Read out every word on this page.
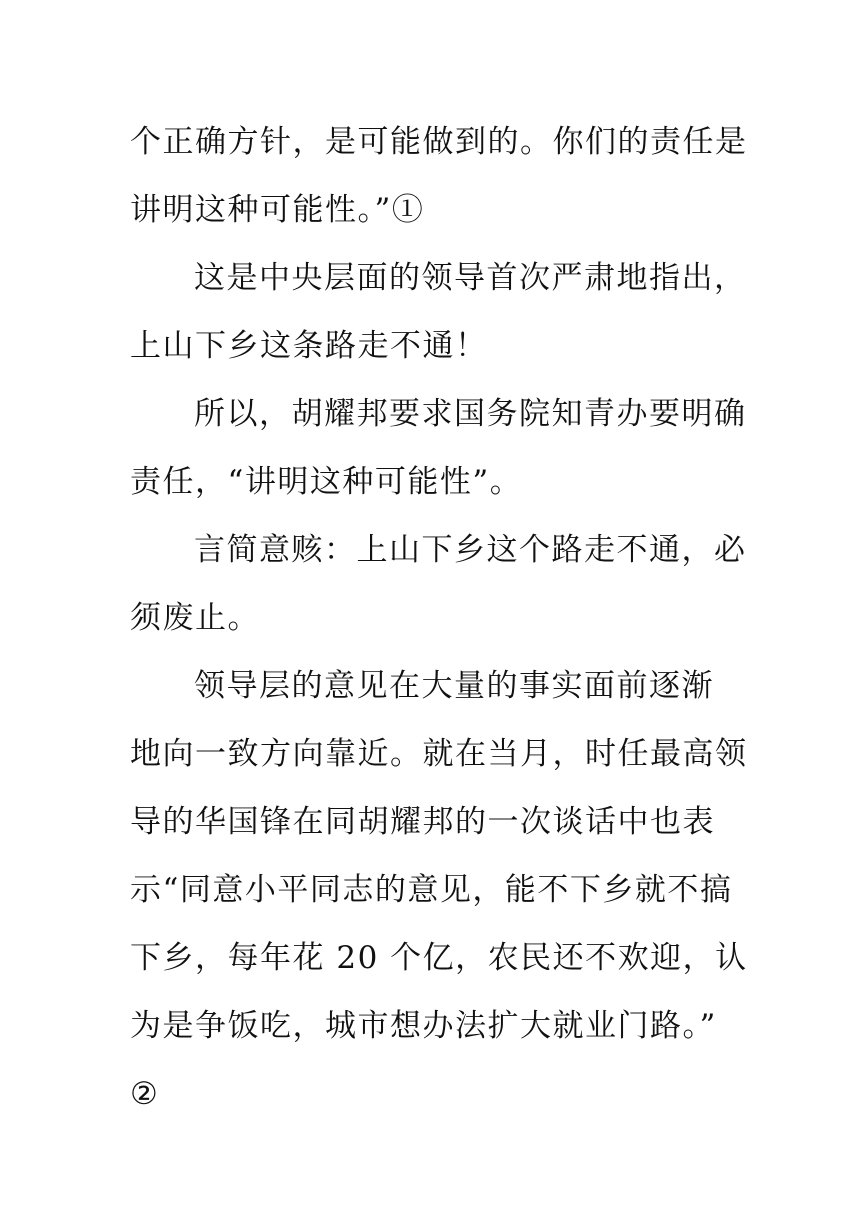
个正确方针，是可能做到的。你们的责任是
讲明这种可能性。”①
这是中央层面的领导首次严肃地指出，
上山下乡这条路走不通！
所以，胡耀邦要求国务院知青办要明确
责任，“讲明这种可能性”。
言简意赅：上山下乡这个路走不通，必
须废止。
领导层的意见在大量的事实面前逐渐
地向一致方向靠近。就在当月，时任最高领
导的华国锋在同胡耀邦的一次谈话中也表
示“同意小平同志的意见，能不下乡就不搞
下乡，每年花 20 个亿，农民还不欢迎，认
为是争饭吃，城市想办法扩大就业门路。”
②
